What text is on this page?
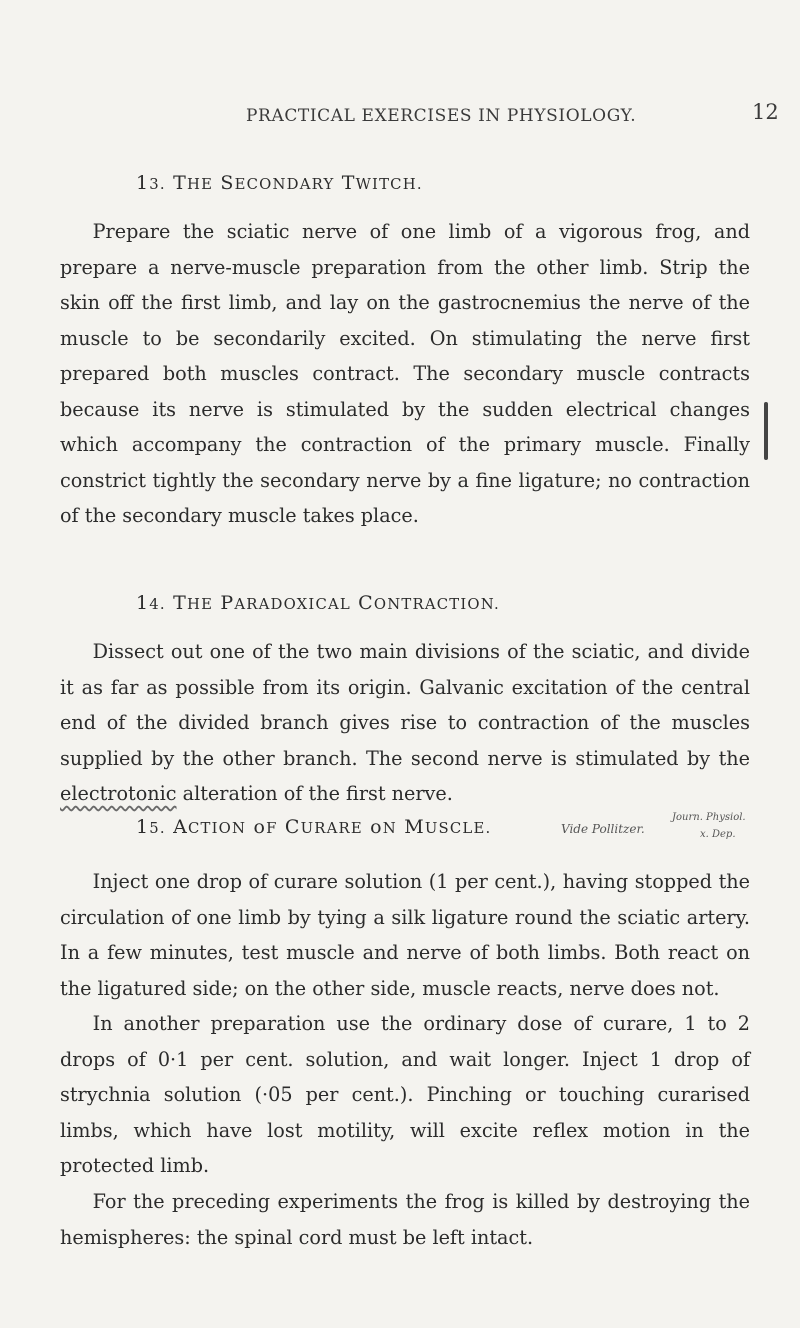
PRACTICAL EXERCISES IN PHYSIOLOGY.	12
13. THE SECONDARY TWITCH.

Prepare the sciatic nerve of one limb of a vigorous frog, and prepare a nerve-muscle preparation from the other limb. Strip the skin off the first limb, and lay on the gastrocnemius the nerve of the muscle to be secondarily excited. On stimulating the nerve first prepared both muscles contract. The secondary muscle contracts because its nerve is stimulated by the sudden electrical changes which accompany the contraction of the primary muscle. Finally constrict tightly the secondary nerve by a fine ligature; no contraction of the secondary muscle takes place.

14. THE PARADOXICAL CONTRACTION.

Dissect out one of the two main divisions of the sciatic, and divide it as far as possible from its origin. Galvanic excitation of the central end of the divided branch gives rise to contraction of the muscles supplied by the other branch. The second nerve is stimulated by the electrotonic alteration of the first nerve.

15. ACTION oF CURARE oN MUSCLE.	Vide Pollitzer.
Journ. Physiol.
x. Dep.

Inject one drop of curare solution (1 per cent.), having stopped the circulation of one limb by tying a silk ligature round the sciatic artery. In a few minutes, test muscle and nerve of both limbs. Both react on the ligatured side; on the other side, muscle reacts, nerve does not.

In another preparation use the ordinary dose of curare, 1 to 2 drops of 0·1 per cent. solution, and wait longer. Inject 1 drop of strychnia solution (·05 per cent.). Pinching or touching curarised limbs, which have lost motility, will excite reflex motion in the protected limb.

For the preceding experiments the frog is killed by destroying the hemispheres: the spinal cord must be left intact.
